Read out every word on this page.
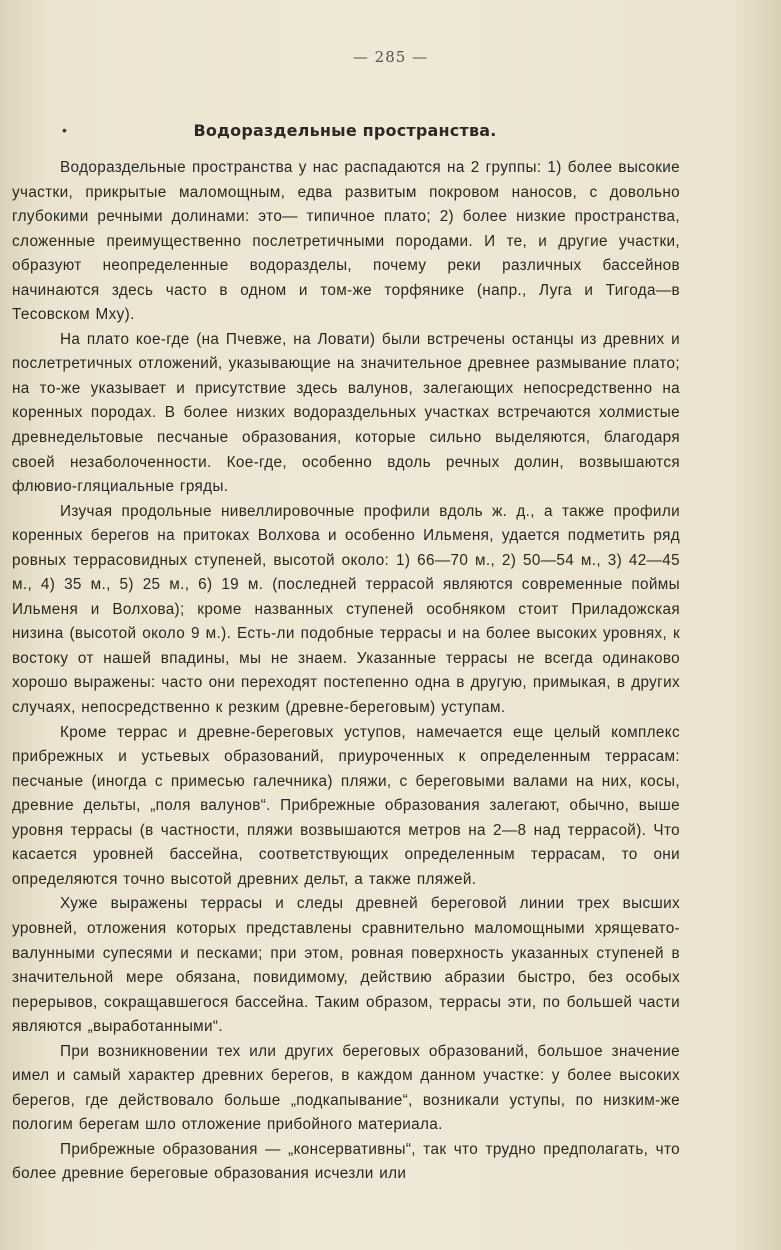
— 285 —
•	Водораздельные пространства.

Водораздельные пространства у нас распадаются на 2 группы: 1) более высокие участки, прикрытые маломощным, едва развитым покровом наносов, с довольно глубокими речными долинами: это— типичное плато; 2) более низкие пространства, сложенные преимущественно послетретичными породами. И те, и другие участки, образуют неопределенные водоразделы, почему реки различных бассейнов начинаются здесь часто в одном и том-же торфянике (напр., Луга и Тигода—в Тесовском Мху).

На плато кое-где (на Пчевже, на Ловати) были встречены останцы из древних и послетретичных отложений, указывающие на значительное древнее размывание плато; на то-же указывает и присутствие здесь валунов, залегающих непосредственно на коренных породах. В более низких водораздельных участках встречаются холмистые древнедельтовые песчаные образования, которые сильно выделяются, благодаря своей незаболоченности. Кое-где, особенно вдоль речных долин, возвышаются флювио-гляциальные гряды.

Изучая продольные нивеллировочные профили вдоль ж. д., а также профили коренных берегов на притоках Волхова и особенно Ильменя, удается подметить ряд ровных террасовидных ступеней, высотой около: 1) 66—70 м., 2) 50—54 м., 3) 42—45 м., 4) 35 м., 5) 25 м., 6) 19 м. (последней террасой являются современные поймы Ильменя и Волхова); кроме названных ступеней особняком стоит Приладожская низина (высотой около 9 м.). Есть-ли подобные террасы и на более высоких уровнях, к востоку от нашей впадины, мы не знаем. Указанные террасы не всегда одинаково хорошо выражены: часто они переходят постепенно одна в другую, примыкая, в других случаях, непосредственно к резким (древне-береговым) уступам.

Кроме террас и древне-береговых уступов, намечается еще целый комплекс прибрежных и устьевых образований, приуроченных к определенным террасам: песчаные (иногда с примесью галечника) пляжи, с береговыми валами на них, косы, древние дельты, „поля валунов“. Прибрежные образования залегают, обычно, выше уровня террасы (в частности, пляжи возвышаются метров на 2—8 над террасой). Что касается уровней бассейна, соответствующих определенным террасам, то они определяются точно высотой древних дельт, а также пляжей.

Хуже выражены террасы и следы древней береговой линии трех высших уровней, отложения которых представлены сравнительно маломощными хрящевато-валунными супесями и песками; при этом, ровная поверхность указанных ступеней в значительной мере обязана, повидимому, действию абразии быстро, без особых перерывов, сокращавшегося бассейна. Таким образом, террасы эти, по большей части являются „выработанными“.

При возникновении тех или других береговых образований, большое значение имел и самый характер древних берегов, в каждом данном участке: у более высоких берегов, где действовало больше „подкапывание“, возникали уступы, по низким-же пологим берегам шло отложение прибойного материала.

Прибрежные образования — „консервативны“, так что трудно предполагать, что более древние береговые образования исчезли или
